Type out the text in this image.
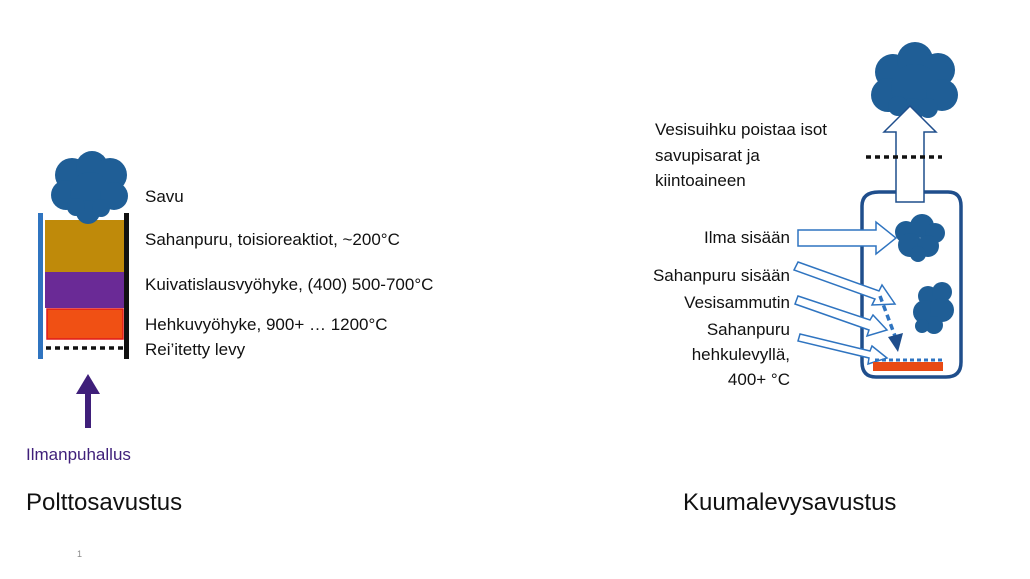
Savu
Sahanpuru, toisioreaktiot, ~200°C
Kuivatislausvyöhyke, (400) 500-700°C
Hehkuvyöhyke, 900+ … 1200°C
Rei’itetty levy
Ilmanpuhallus
Polttosavustus
Vesisuihku poistaa isot
savupisarat ja
kiintoaineen
Ilma sisään
Sahanpuru sisään
Vesisammutin
Sahanpuru
hehkulevyllä,
400+ °C
Kuumalevysavustus
1
